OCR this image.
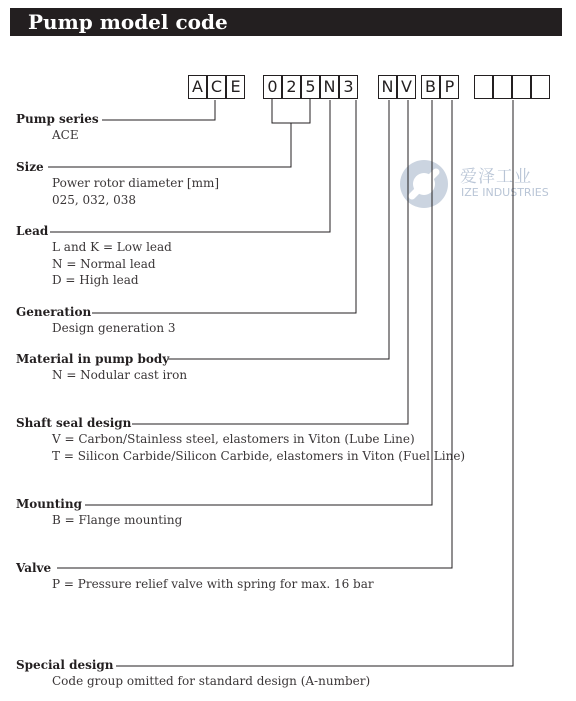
Pump model code
A C E 0 2 5 N 3 N V B P
爱泽工业
IZE INDUSTRIES
Pump series
ACE
Size
Power rotor diameter [mm]
025, 032, 038
Lead
L and K = Low lead
N = Normal lead
D = High lead
Generation
Design generation 3
Material in pump body
N = Nodular cast iron
Shaft seal design
V = Carbon/Stainless steel, elastomers in Viton (Lube Line)
T = Silicon Carbide/Silicon Carbide, elastomers in Viton (Fuel Line)
Mounting
B = Flange mounting
Valve
P = Pressure relief valve with spring for max. 16 bar
Special design
Code group omitted for standard design (A-number)
